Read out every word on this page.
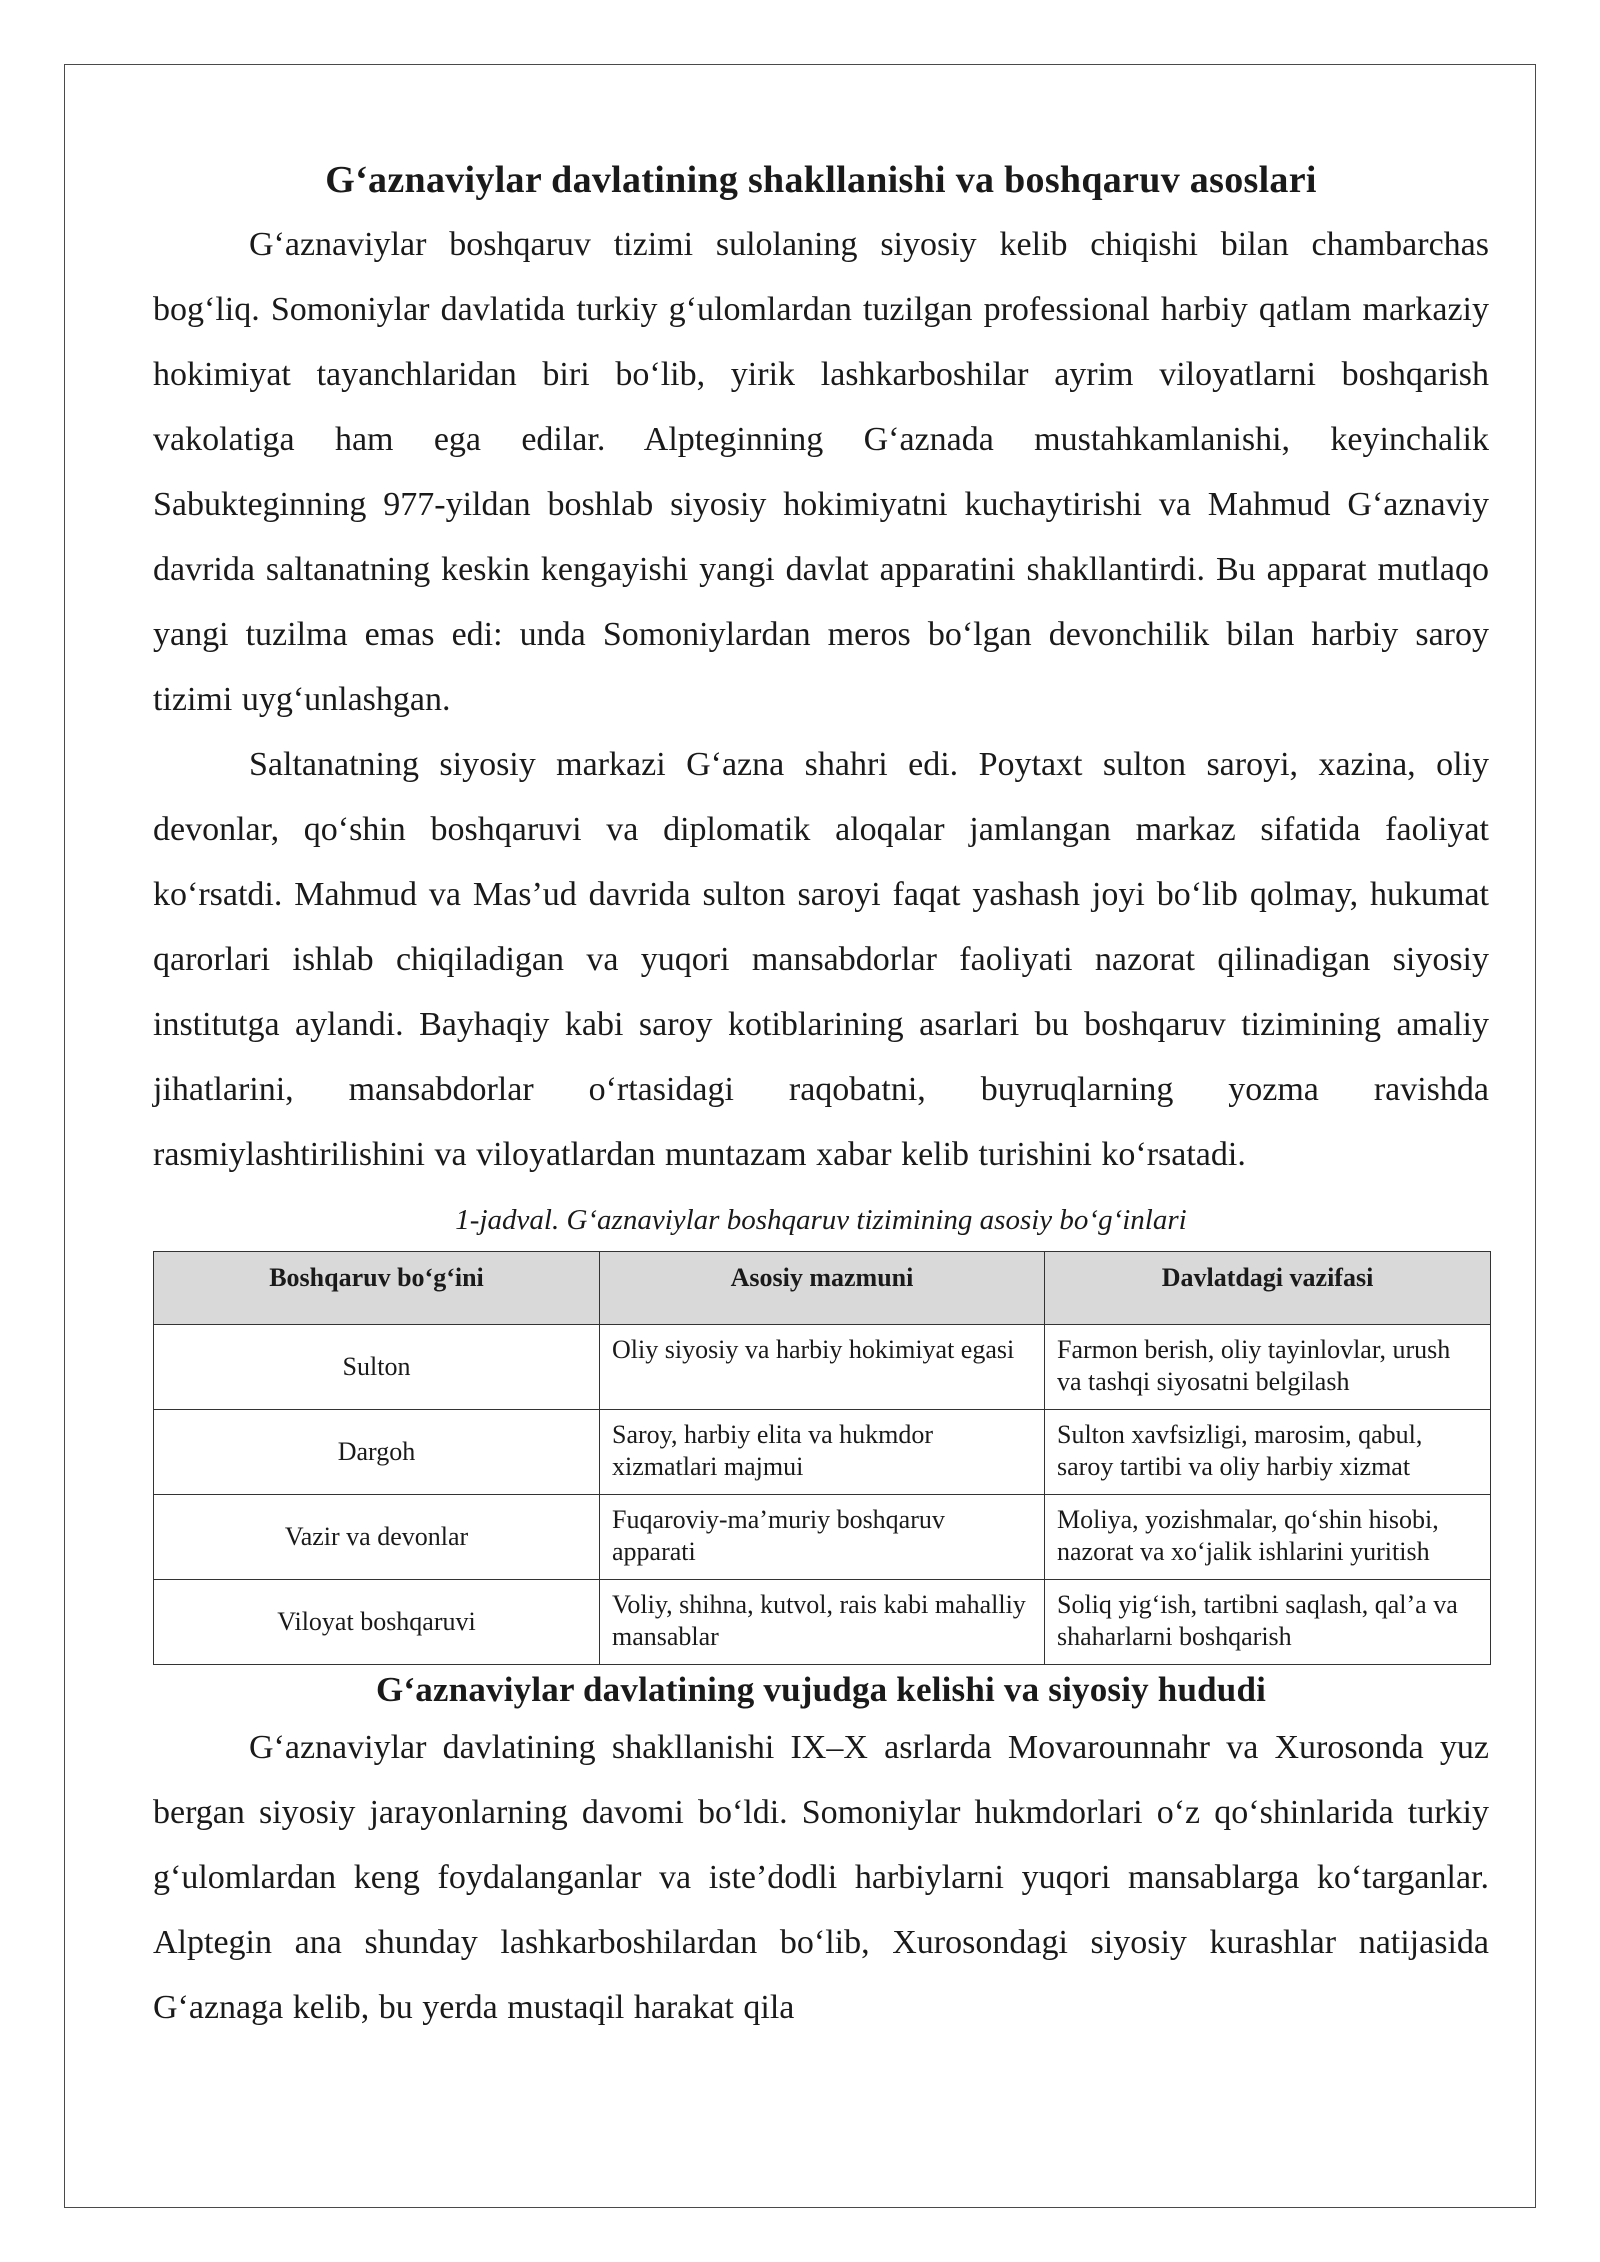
G‘aznaviylar davlatining shakllanishi va boshqaruv asoslari

G‘aznaviylar boshqaruv tizimi sulolaning siyosiy kelib chiqishi bilan chambarchas bog‘liq. Somoniylar davlatida turkiy g‘ulomlardan tuzilgan professional harbiy qatlam markaziy hokimiyat tayanchlaridan biri bo‘lib, yirik lashkarboshilar ayrim viloyatlarni boshqarish vakolatiga ham ega edilar. Alpteginning G‘aznada mustahkamlanishi, keyinchalik Sabukteginning 977-yildan boshlab siyosiy hokimiyatni kuchaytirishi va Mahmud G‘aznaviy davrida saltanatning keskin kengayishi yangi davlat apparatini shakllantirdi. Bu apparat mutlaqo yangi tuzilma emas edi: unda Somoniylardan meros bo‘lgan devonchilik bilan harbiy saroy tizimi uyg‘unlashgan.

Saltanatning siyosiy markazi G‘azna shahri edi. Poytaxt sulton saroyi, xazina, oliy devonlar, qo‘shin boshqaruvi va diplomatik aloqalar jamlangan markaz sifatida faoliyat ko‘rsatdi. Mahmud va Mas’ud davrida sulton saroyi faqat yashash joyi bo‘lib qolmay, hukumat qarorlari ishlab chiqiladigan va yuqori mansabdorlar faoliyati nazorat qilinadigan siyosiy institutga aylandi. Bayhaqiy kabi saroy kotiblarining asarlari bu boshqaruv tizimining amaliy jihatlarini, mansabdorlar o‘rtasidagi raqobatni, buyruqlarning yozma ravishda rasmiylashtirilishini va viloyatlardan muntazam xabar kelib turishini ko‘rsatadi.

1-jadval. G‘aznaviylar boshqaruv tizimining asosiy bo‘g‘inlari

Boshqaruv bo‘g‘ini	Asosiy mazmuni	Davlatdagi vazifasi
Sulton	Oliy siyosiy va harbiy hokimiyat egasi	Farmon berish, oliy tayinlovlar, urush va tashqi siyosatni belgilash
Dargoh	Saroy, harbiy elita va hukmdor xizmatlari majmui	Sulton xavfsizligi, marosim, qabul, saroy tartibi va oliy harbiy xizmat
Vazir va devonlar	Fuqaroviy-ma’muriy boshqaruv apparati	Moliya, yozishmalar, qo‘shin hisobi, nazorat va xo‘jalik ishlarini yuritish
Viloyat boshqaruvi	Voliy, shihna, kutvol, rais kabi mahalliy mansablar	Soliq yig‘ish, tartibni saqlash, qal’a va shaharlarni boshqarish
G‘aznaviylar davlatining vujudga kelishi va siyosiy hududi

G‘aznaviylar davlatining shakllanishi IX–X asrlarda Movarounnahr va Xurosonda yuz bergan siyosiy jarayonlarning davomi bo‘ldi. Somoniylar hukmdorlari o‘z qo‘shinlarida turkiy g‘ulomlardan keng foydalanganlar va iste’dodli harbiylarni yuqori mansablarga ko‘targanlar. Alptegin ana shunday lashkarboshilardan bo‘lib, Xurosondagi siyosiy kurashlar natijasida G‘aznaga kelib, bu yerda mustaqil harakat qila
